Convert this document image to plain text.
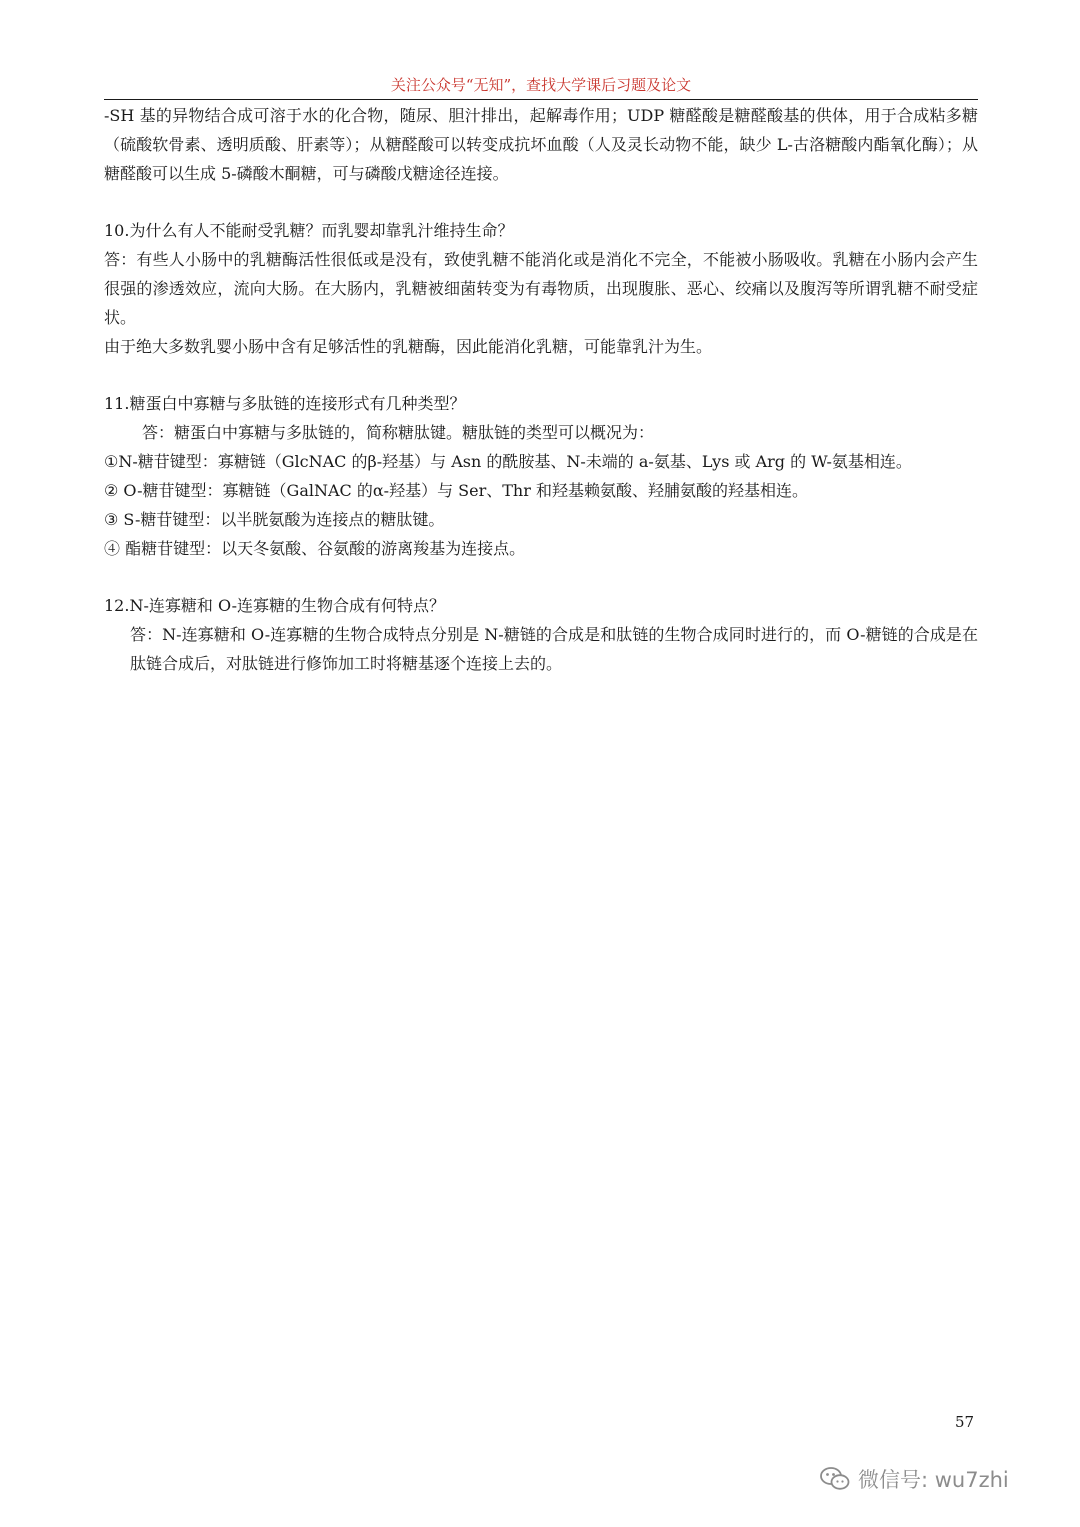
关注公众号“无知”，查找大学课后习题及论文

-SH 基的异物结合成可溶于水的化合物，随尿、胆汁排出，起解毒作用；UDP 糖醛酸是糖醛酸基的供体，用于合成粘多糖（硫酸软骨素、透明质酸、肝素等）；从糖醛酸可以转变成抗坏血酸（人及灵长动物不能，缺少 L-古洛糖酸内酯氧化酶）；从糖醛酸可以生成 5-磷酸木酮糖，可与磷酸戊糖途径连接。

10.为什么有人不能耐受乳糖？而乳婴却靠乳汁维持生命？

答：有些人小肠中的乳糖酶活性很低或是没有，致使乳糖不能消化或是消化不完全，不能被小肠吸收。乳糖在小肠内会产生很强的渗透效应，流向大肠。在大肠内，乳糖被细菌转变为有毒物质，出现腹胀、恶心、绞痛以及腹泻等所谓乳糖不耐受症状。

由于绝大多数乳婴小肠中含有足够活性的乳糖酶，因此能消化乳糖，可能靠乳汁为生。

11.糖蛋白中寡糖与多肽链的连接形式有几种类型？

答：糖蛋白中寡糖与多肽链的，简称糖肽键。糖肽链的类型可以概况为：

①N-糖苷键型：寡糖链（GlcNAC 的β-羟基）与 Asn 的酰胺基、N-未端的 a-氨基、Lys 或 Arg 的 W-氨基相连。

② O-糖苷键型：寡糖链（GalNAC 的α-羟基）与 Ser、Thr 和羟基赖氨酸、羟脯氨酸的羟基相连。

③ S-糖苷键型：以半胱氨酸为连接点的糖肽键。

④ 酯糖苷键型：以天冬氨酸、谷氨酸的游离羧基为连接点。

12.N-连寡糖和 O-连寡糖的生物合成有何特点？

答：N-连寡糖和 O-连寡糖的生物合成特点分别是 N-糖链的合成是和肽链的生物合成同时进行的，而 O-糖链的合成是在肽链合成后，对肽链进行修饰加工时将糖基逐个连接上去的。

57
微信号: wu7zhi
